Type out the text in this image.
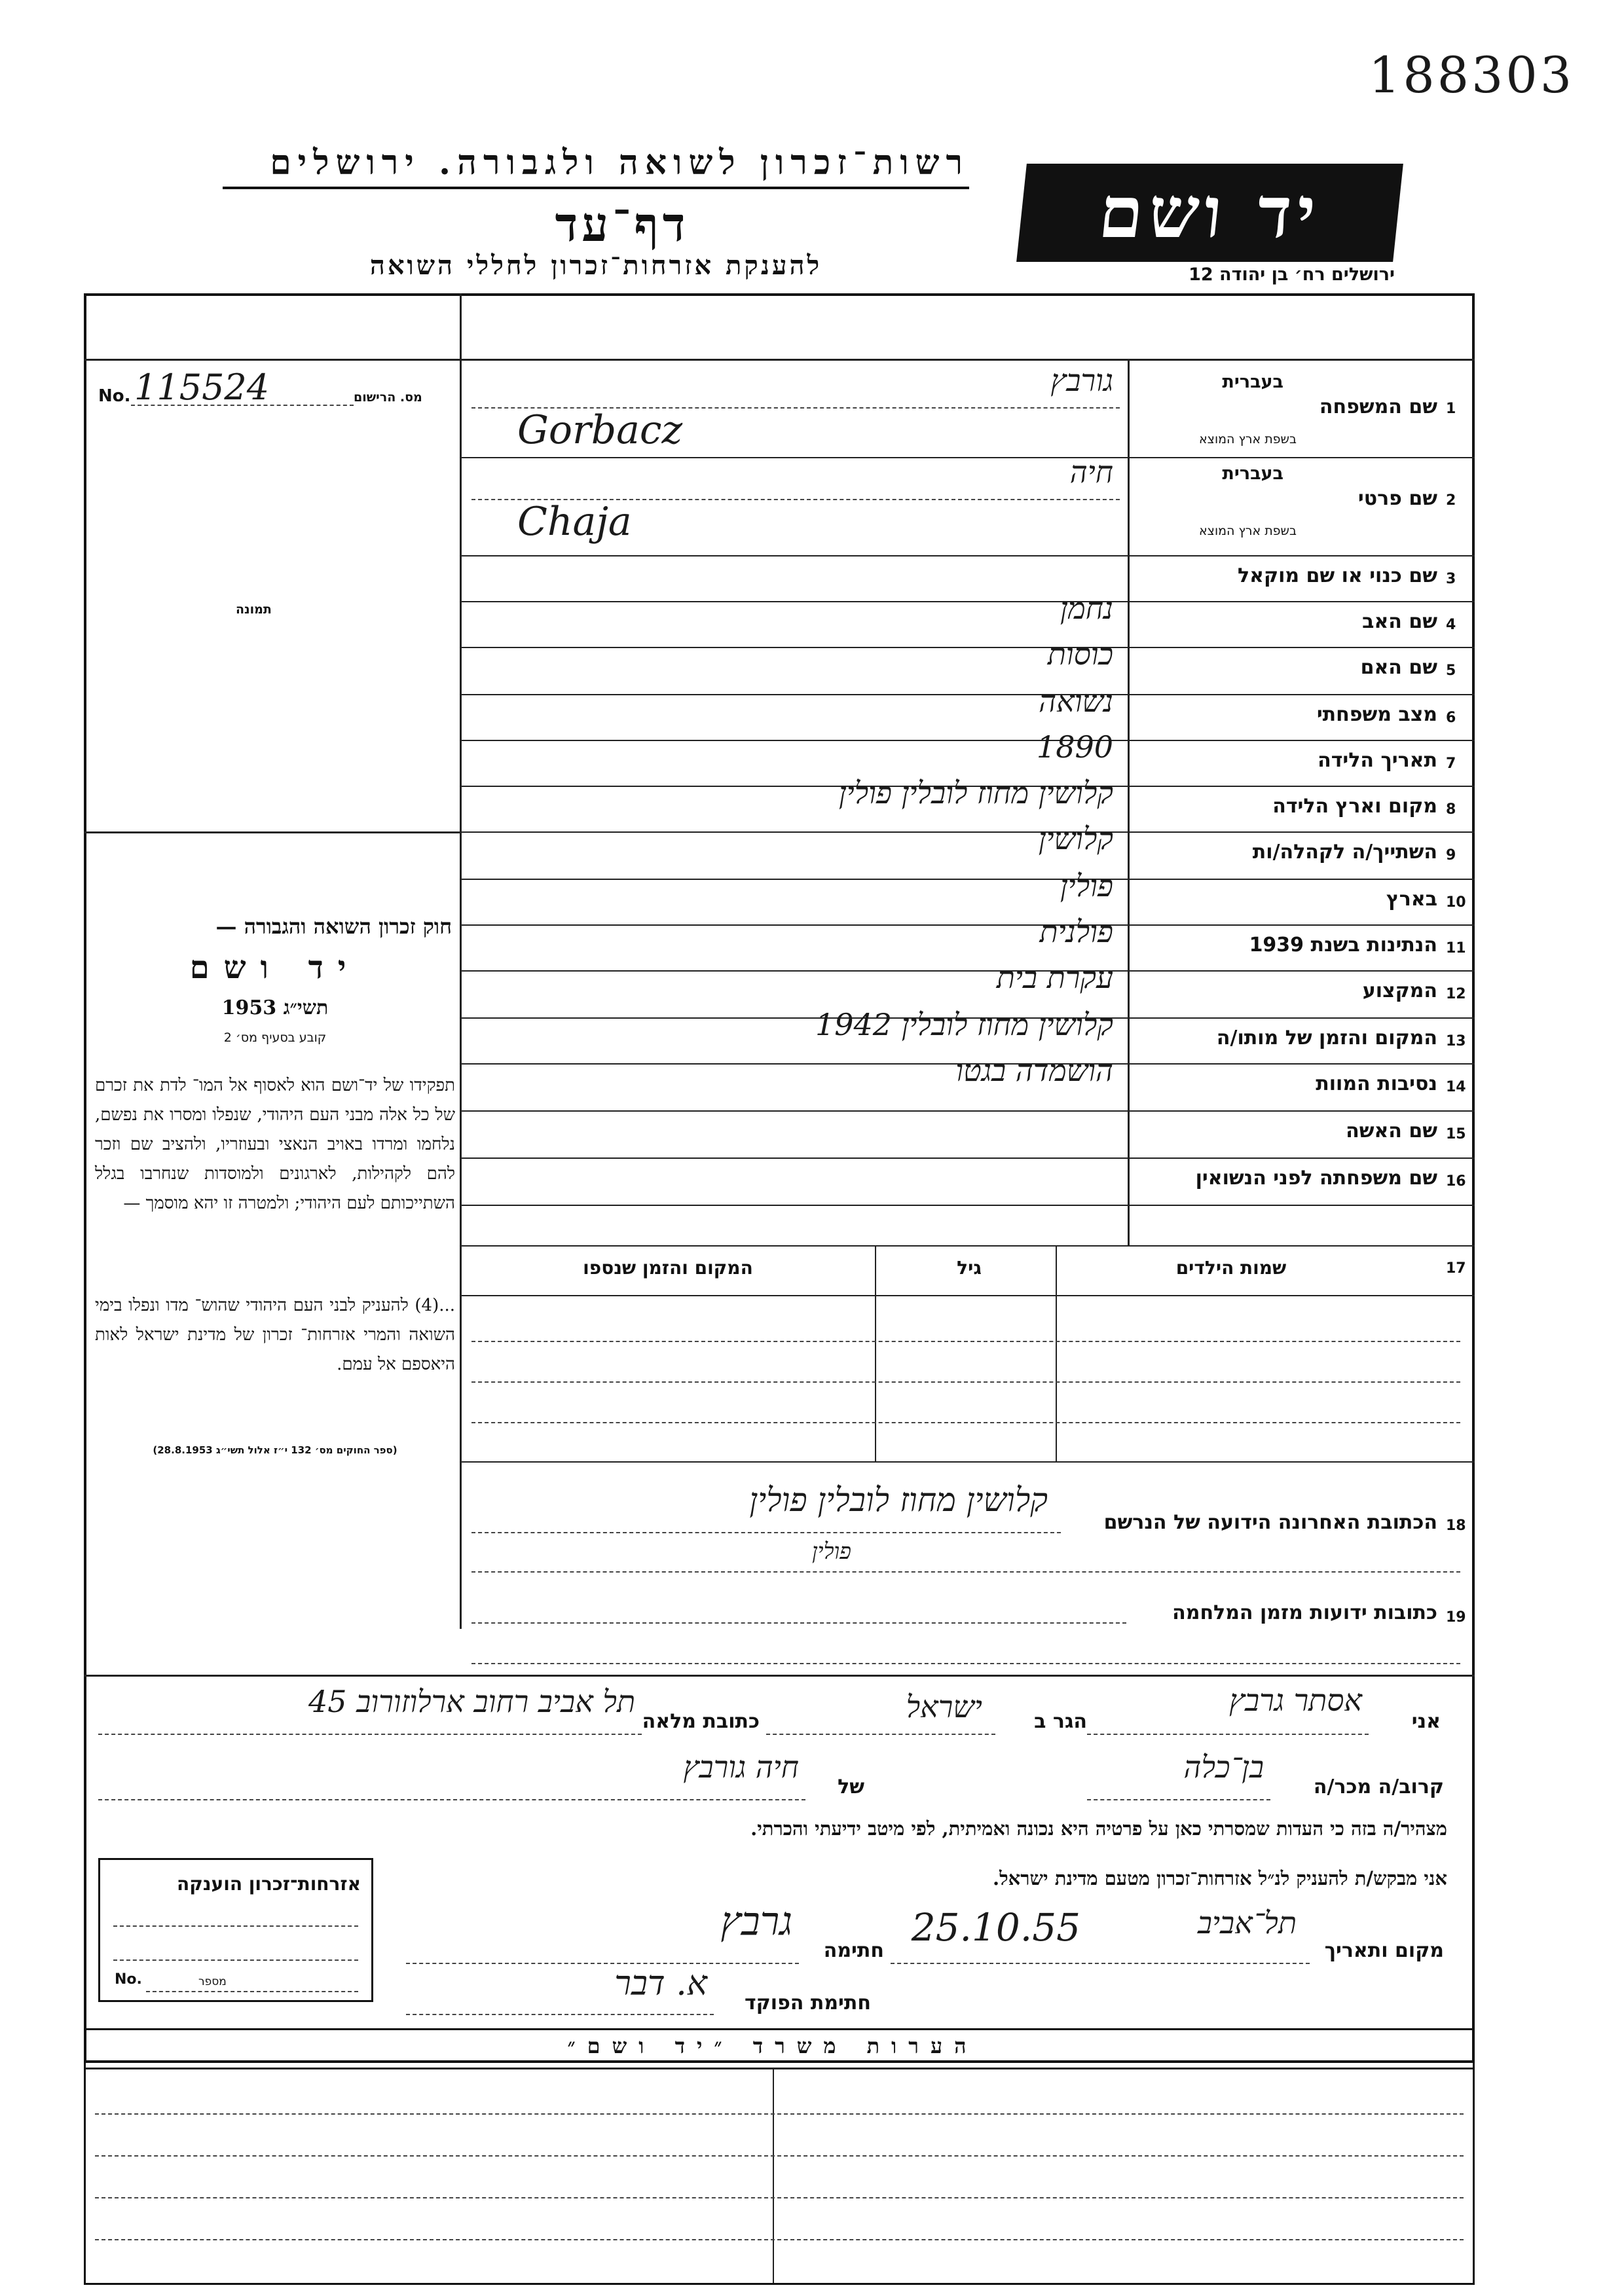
188303
רשות־זכרון לשואה ולגבורה. ירושלים
דף־עד
להענקת אזרחות־זכרון לחללי השואה
יד ושם
ירושלים רח׳ בן יהודה 12
No. 115524	מס. הרישום
תמונה
חוק זכרון השואה והגבורה —
יד ושם
תשי״ג 1953
קובע בסעיף מס׳ 2
תפקידו של יד־ושם הוא לאסוף אל המו־ לדת את זכרם של כל אלה מבני העם היהודי, שנפלו ומסרו את נפשם, נלחמו ומרדו באויב הנאצי ובעוזריו, ולהציב שם וזכר להם לקהילות, לארגונים ולמוסדות שנחרבו בגלל השתייכותם לעם היהודי; ולמטרה זו יהא מוסמך —
...(4) להעניק לבני העם היהודי שהוש־ מדו ונפלו בימי השואה והמרי אזרחות־ זכרון של מדינת ישראל לאות היאספם אל עמם.
(ספר החוקים מס׳ 132 י״ז אלול תשי״ג 28.8.1953)
1
שם המשפחה
בעברית
בשפת ארץ המוצא
גורבץ
Gorbacz
2
שם פרטי
בעברית
בשפת ארץ המוצא
חיה
Chaja
3
שם כנוי או שם מוקאל
4
שם האב
נחמן
5
שם האם
כוסות
6
מצב משפחתי
נשואה
7
תאריך הלידה
1890
8
מקום וארץ הלידה
קלושין מחוז לובלין פולין
9
השתייך/ה לקהלה/ות
קלושין
10
בארץ
פולין
11
הנתינות בשנת 1939
פולנית
12
המקצוע
עקרת בית
13
המקום והזמן של מותו/ה
קלושין מחוז לובלין 1942
14
נסיבות המוות
הושמדה בגטו
15
שם האשה
16
שם משפחתה לפני הנשואין
17
שמות הילדים
גיל
המקום והזמן שנספו
18
הכתובת האחרונה הידועה של הנרשם
קלושין מחוז לובלין פולין
פולין
19
כתובות ידועות מזמן המלחמה
אני
אסתר גרבץ
הגר ב
ישראל
כתובת מלאה
תל אביב רחוב ארלוזורוב 45
קרוב/ה מכר/ה
בן־כלה
של
חיה גורבץ
מצהיר/ה בזה כי העדות שמסרתי כאן על פרטיה היא נכונה ואמיתית, לפי מיטב ידיעתי והכרתי.
אני מבקש/ת להעניק לנ״ל אזרחות־זכרון מטעם מדינת ישראל.
מקום ותאריך
תל־אביב
25.10.55
חתימה
גרבץ
חתימת הפוקד
א. דבר
אזרחות־זכרון הוענקה
No.	מספר
הערות משרד ״יד ושם״
